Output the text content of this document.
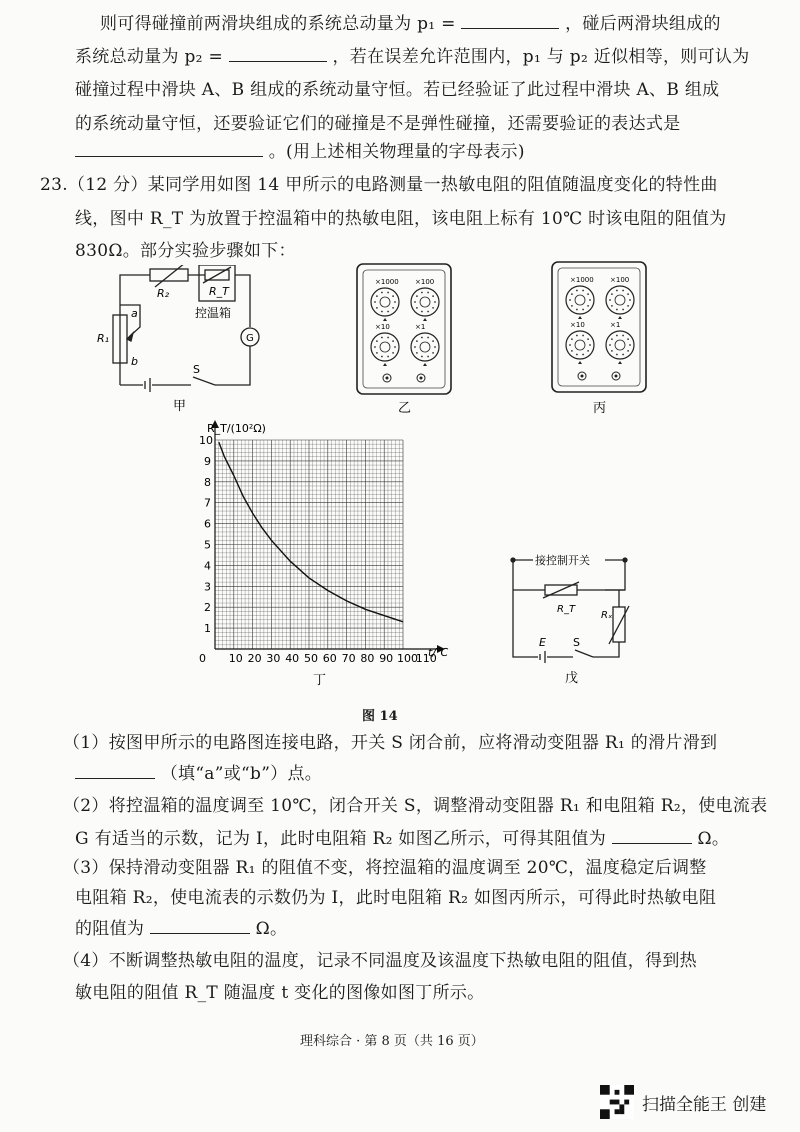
则可得碰撞前两滑块组成的系统总动量为 p₁ =	，碰后两滑块组成的
系统总动量为 p₂ =	，若在误差允许范围内，p₁ 与 p₂ 近似相等，则可认为
碰撞过程中滑块 A、B 组成的系统动量守恒。若已经验证了此过程中滑块 A、B 组成
的系统动量守恒，还要验证它们的碰撞是不是弹性碰撞，还需要验证的表达式是
。(用上述相关物理量的字母表示)
23.（12 分）某同学用如图 14 甲所示的电路测量一热敏电阻的阻值随温度变化的特性曲
线，图中 R_T 为放置于控温箱中的热敏电阻，该电阻上标有 10℃ 时该电阻的阻值为
830Ω。部分实验步骤如下：
R₂	R_T
控温箱
G
R₁
a
b
S
甲
×1000 ×100
×10	×1
乙
×1000 ×100
×10	×1
丙
0 10 20 30 40 50 60 70 80 90 100
110
1
2
3
4
5
6
7
8
9
10
R_T/(10²Ω)
t/℃
丁
接控制开关
R_T
Rₓ
E S
戊
图 14
（1）按图甲所示的电路图连接电路，开关 S 闭合前，应将滑动变阻器 R₁ 的滑片滑到
（填“a”或“b”）点。
（2）将控温箱的温度调至 10℃，闭合开关 S，调整滑动变阻器 R₁ 和电阻箱 R₂，使电流表
G 有适当的示数，记为 I，此时电阻箱 R₂ 如图乙所示，可得其阻值为	Ω。
（3）保持滑动变阻器 R₁ 的阻值不变，将控温箱的温度调至 20℃，温度稳定后调整
电阻箱 R₂，使电流表的示数仍为 I，此时电阻箱 R₂ 如图丙所示，可得此时热敏电阻
的阻值为	Ω。
（4）不断调整热敏电阻的温度，记录不同温度及该温度下热敏电阻的阻值，得到热
敏电阻的阻值 R_T 随温度 t 变化的图像如图丁所示。
理科综合 · 第 8 页（共 16 页）
扫描全能王 创建
